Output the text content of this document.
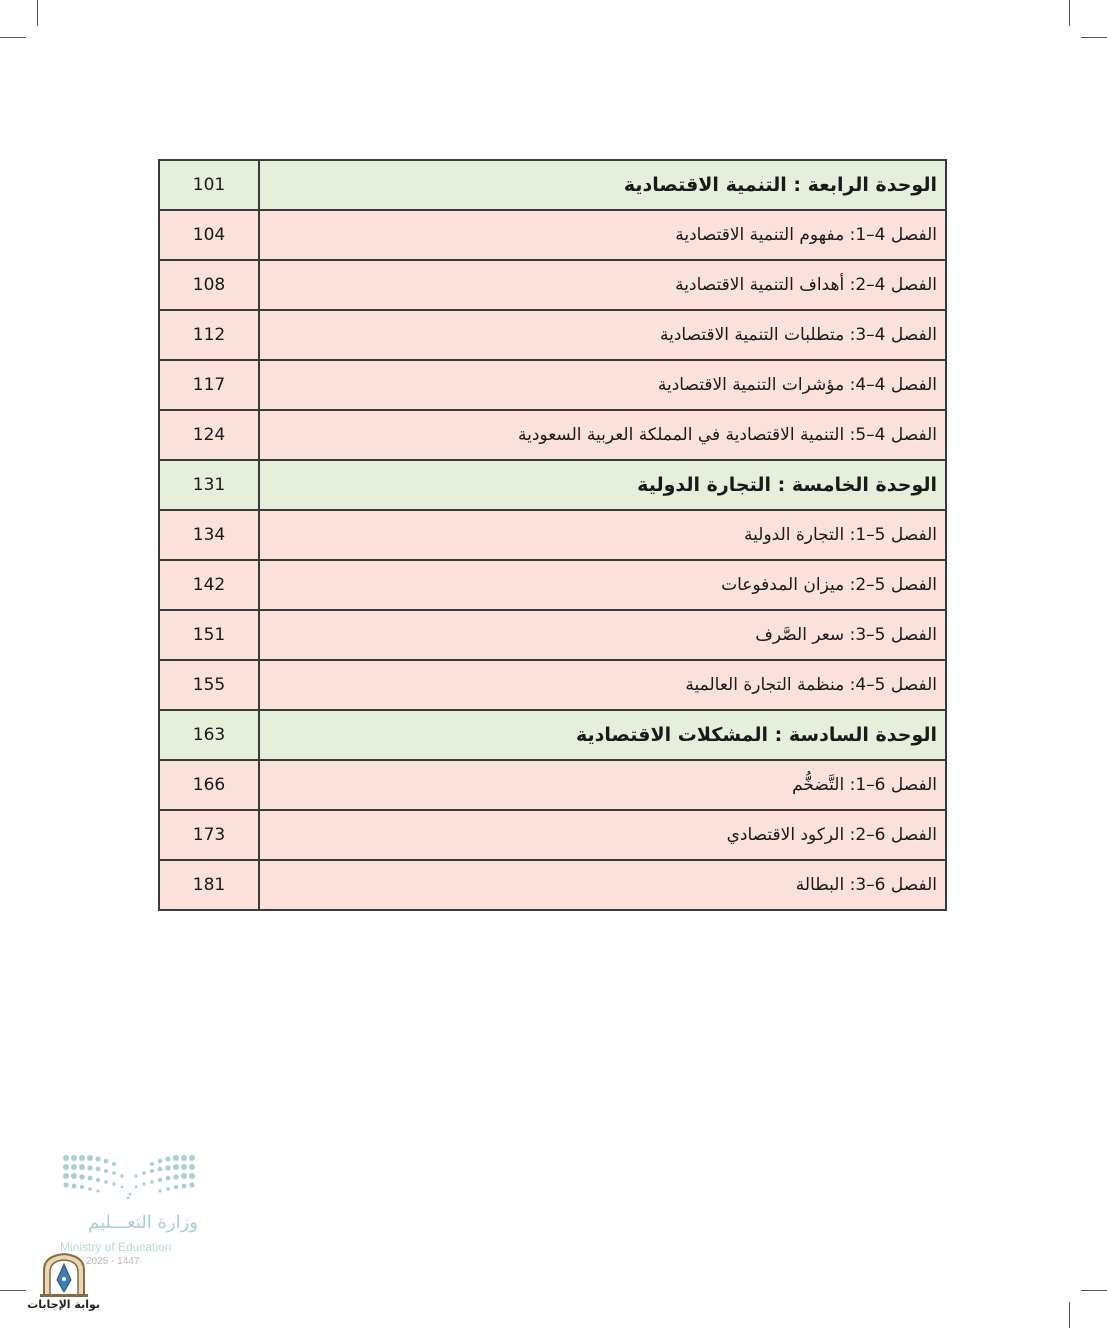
الوحدة الرابعة : التنمية الاقتصادية	101
الفصل 4–1: مفهوم التنمية الاقتصادية	104
الفصل 4–2: أهداف التنمية الاقتصادية	108
الفصل 4–3: متطلبات التنمية الاقتصادية	112
الفصل 4–4: مؤشرات التنمية الاقتصادية	117
الفصل 4–5: التنمية الاقتصادية في المملكة العربية السعودية	124
الوحدة الخامسة : التجارة الدولية	131
الفصل 5–1: التجارة الدولية	134
الفصل 5–2: ميزان المدفوعات	142
الفصل 5–3: سعر الصَّرف	151
الفصل 5–4: منظمة التجارة العالمية	155
الوحدة السادسة : المشكلات الاقتصادية	163
الفصل 6–1: التَّضخُّم	166
الفصل 6–2: الركود الاقتصادي	173
الفصل 6–3: البطالة	181
وزارة التعـــليم
Ministry of Education
2025 - 1447
بوابة الإجابات
